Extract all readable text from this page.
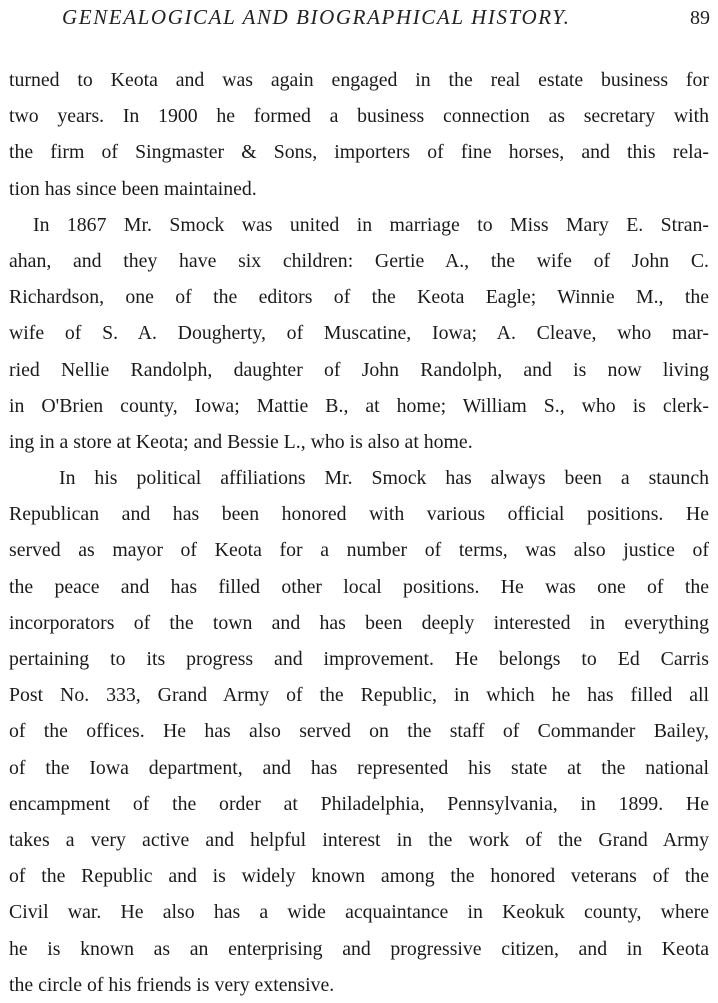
GENEALOGICAL AND BIOGRAPHICAL HISTORY.	89

turned to Keota and was again engaged in the real estate business for
two years. In 1900 he formed a business connection as secretary with
the firm of Singmaster & Sons, importers of fine horses, and this rela-
tion has since been maintained.

In 1867 Mr. Smock was united in marriage to Miss Mary E. Stran-
ahan, and they have six children: Gertie A., the wife of John C.
Richardson, one of the editors of the Keota Eagle; Winnie M., the
wife of S. A. Dougherty, of Muscatine, Iowa; A. Cleave, who mar-
ried Nellie Randolph, daughter of John Randolph, and is now living
in O'Brien county, Iowa; Mattie B., at home; William S., who is clerk-
ing in a store at Keota; and Bessie L., who is also at home.

In his political affiliations Mr. Smock has always been a staunch
Republican and has been honored with various official positions. He
served as mayor of Keota for a number of terms, was also justice of
the peace and has filled other local positions. He was one of the
incorporators of the town and has been deeply interested in everything
pertaining to its progress and improvement. He belongs to Ed Carris
Post No. 333, Grand Army of the Republic, in which he has filled all
of the offices. He has also served on the staff of Commander Bailey,
of the Iowa department, and has represented his state at the national
encampment of the order at Philadelphia, Pennsylvania, in 1899. He
takes a very active and helpful interest in the work of the Grand Army
of the Republic and is widely known among the honored veterans of the
Civil war. He also has a wide acquaintance in Keokuk county, where
he is known as an enterprising and progressive citizen, and in Keota
the circle of his friends is very extensive.
